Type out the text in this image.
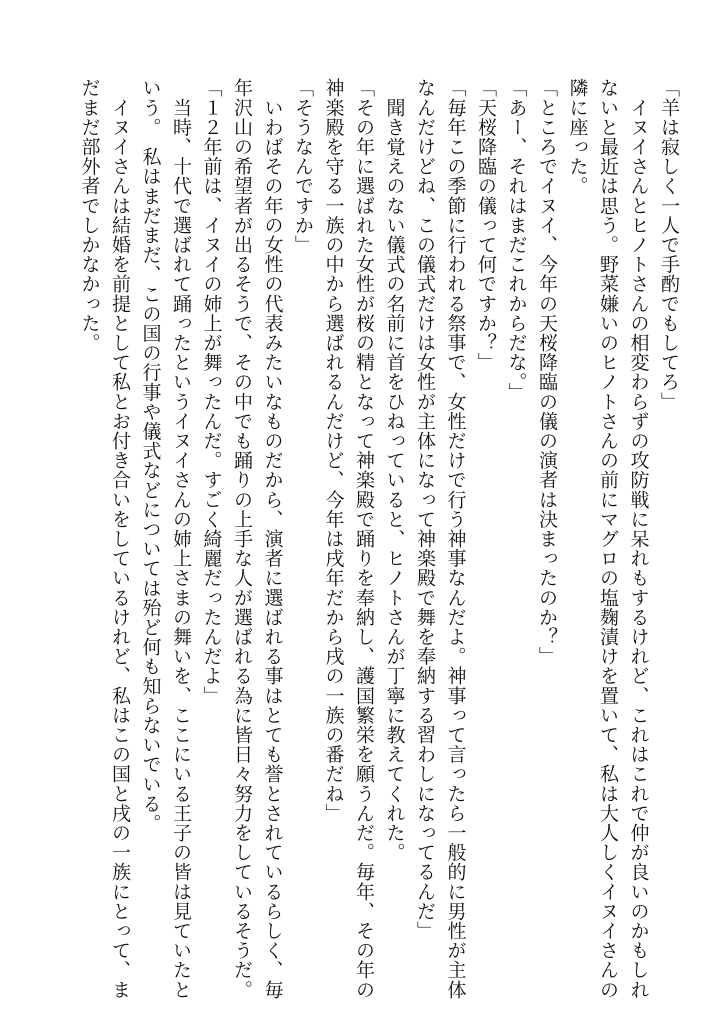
「羊は寂しく一人で手酌でもしてろ」

　イヌイさんとヒノトさんの相変わらずの攻防戦に呆れもするけれど、これはこれで仲が良いのかもしれ

ないと最近は思う。野菜嫌いのヒノトさんの前にマグロの塩麹漬けを置いて、私は大人しくイヌイさんの

隣に座った。

「ところでイヌイ、今年の天桜降臨の儀の演者は決まったのか？」

「あー、それはまだこれからだな。」

「天桜降臨の儀って何ですか？」

「毎年この季節に行われる祭事で、女性だけで行う神事なんだよ。神事って言ったら一般的に男性が主体

なんだけどね、この儀式だけは女性が主体になって神楽殿で舞を奉納する習わしになってるんだ」

　聞き覚えのない儀式の名前に首をひねっていると、ヒノトさんが丁寧に教えてくれた。

「その年に選ばれた女性が桜の精となって神楽殿で踊りを奉納し、護国繁栄を願うんだ。毎年、その年の

神楽殿を守る一族の中から選ばれるんだけど、今年は戌年だから戌の一族の番だね」

「そうなんですか」

　いわばその年の女性の代表みたいなものだから、演者に選ばれる事はとても誉とされているらしく、毎

年沢山の希望者が出るそうで、その中でも踊りの上手な人が選ばれる為に皆日々努力をしているそうだ。

「１２年前は、イヌイの姉上が舞ったんだ。すごく綺麗だったんだよ」

　当時、十代で選ばれて踊ったというイヌイさんの姉上さまの舞いを、ここにいる王子の皆は見ていたと

いう。　私はまだまだ、この国の行事や儀式などについては殆ど何も知らないでいる。

　イヌイさんは結婚を前提として私とお付き合いをしているけれど、私はこの国と戌の一族にとって、ま

だまだ部外者でしかなかった。
